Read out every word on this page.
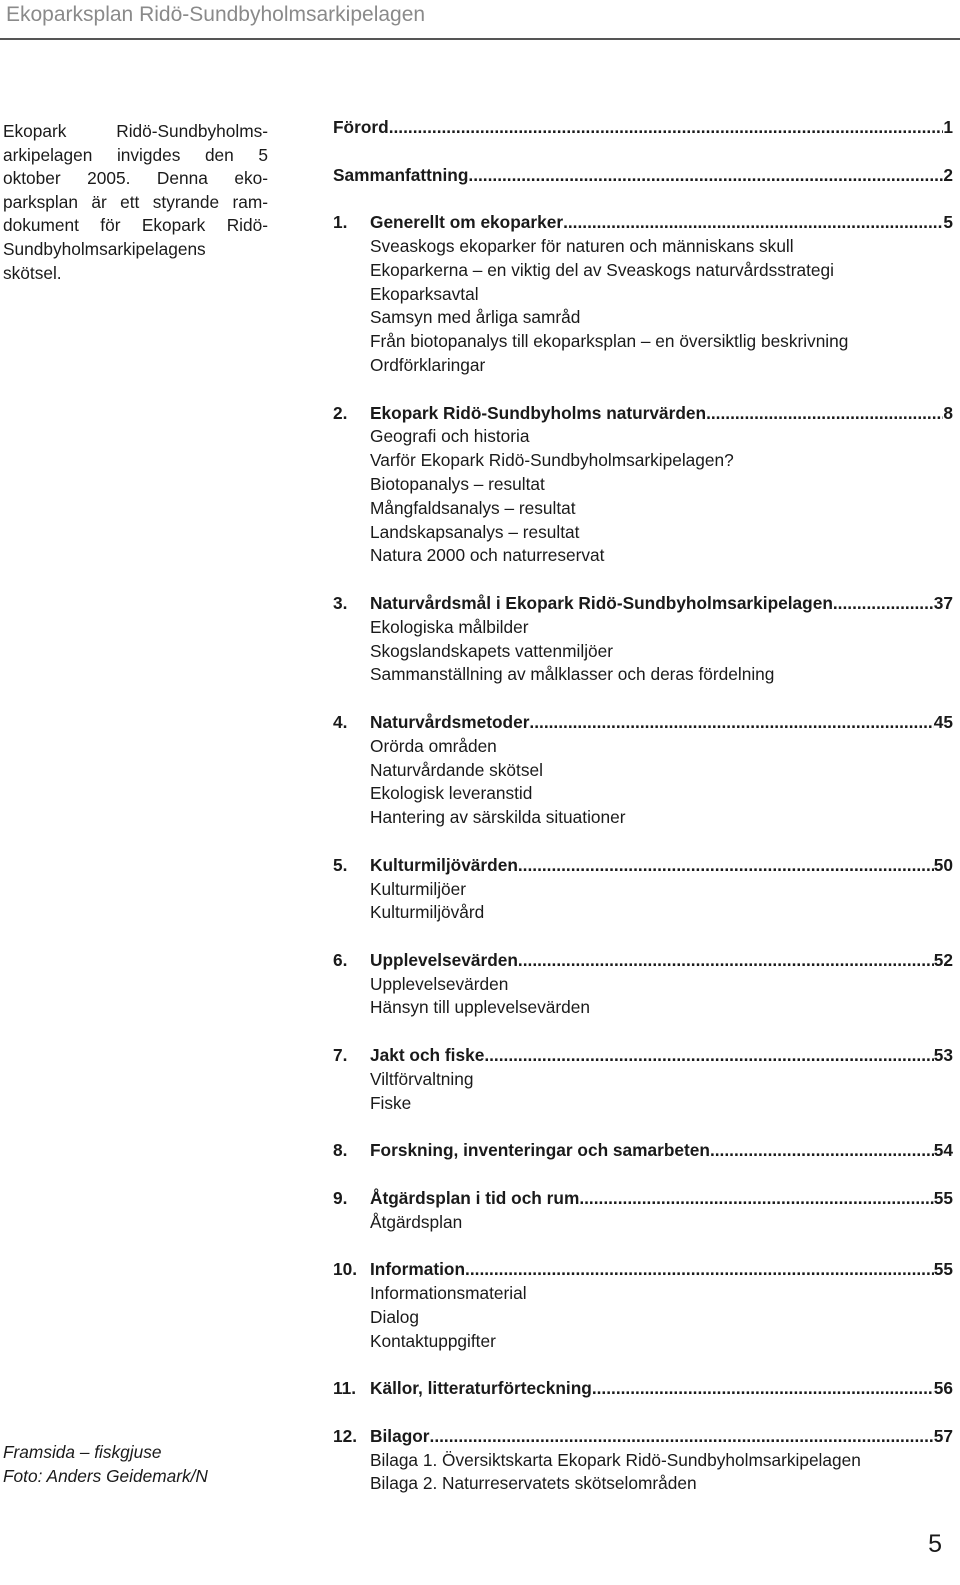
Ekoparksplan Ridö-Sundbyholmsarkipelagen
Ekopark Ridö-Sundbyholms-
arkipelagen invigdes den 5
oktober 2005. Denna eko-
parksplan är ett styrande ram-
dokument för Ekopark Ridö-
Sundbyholmsarkipelagens
skötsel.
Framsida – fiskgjuse
Foto: Anders Geidemark/N
Förord .....	1
Sammanfattning .....	2
1.	Generellt om ekoparker .....	5
Sveaskogs ekoparker för naturen och människans skull
Ekoparkerna – en viktig del av Sveaskogs naturvårdsstrategi
Ekoparksavtal
Samsyn med årliga samråd
Från biotopanalys till ekoparksplan – en översiktlig beskrivning
Ordförklaringar
2.	Ekopark Ridö-Sundbyholms naturvärden .....	8
Geografi och historia
Varför Ekopark Ridö-Sundbyholmsarkipelagen?
Biotopanalys – resultat
Mångfaldsanalys – resultat
Landskapsanalys – resultat
Natura 2000 och naturreservat
3.	Naturvårdsmål i Ekopark Ridö-Sundbyholmsarkipelagen .....	37
Ekologiska målbilder
Skogslandskapets vattenmiljöer
Sammanställning av målklasser och deras fördelning
4.	Naturvårdsmetoder .....	45
Orörda områden
Naturvårdande skötsel
Ekologisk leveranstid
Hantering av särskilda situationer
5.	Kulturmiljövärden .....	50
Kulturmiljöer
Kulturmiljövård
6.	Upplevelsevärden .....	52
Upplevelsevärden
Hänsyn till upplevelsevärden
7.	Jakt och fiske .....	53
Viltförvaltning
Fiske
8.	Forskning, inventeringar och samarbeten .....	54
9.	Åtgärdsplan i tid och rum .....	55
Åtgärdsplan
10. Information .....	55
Informationsmaterial
Dialog
Kontaktuppgifter
11. Källor, litteraturförteckning .....	56
12. Bilagor .....	57
Bilaga 1. Översiktskarta Ekopark Ridö-Sundbyholmsarkipelagen
Bilaga 2. Naturreservatets skötselområden
5
